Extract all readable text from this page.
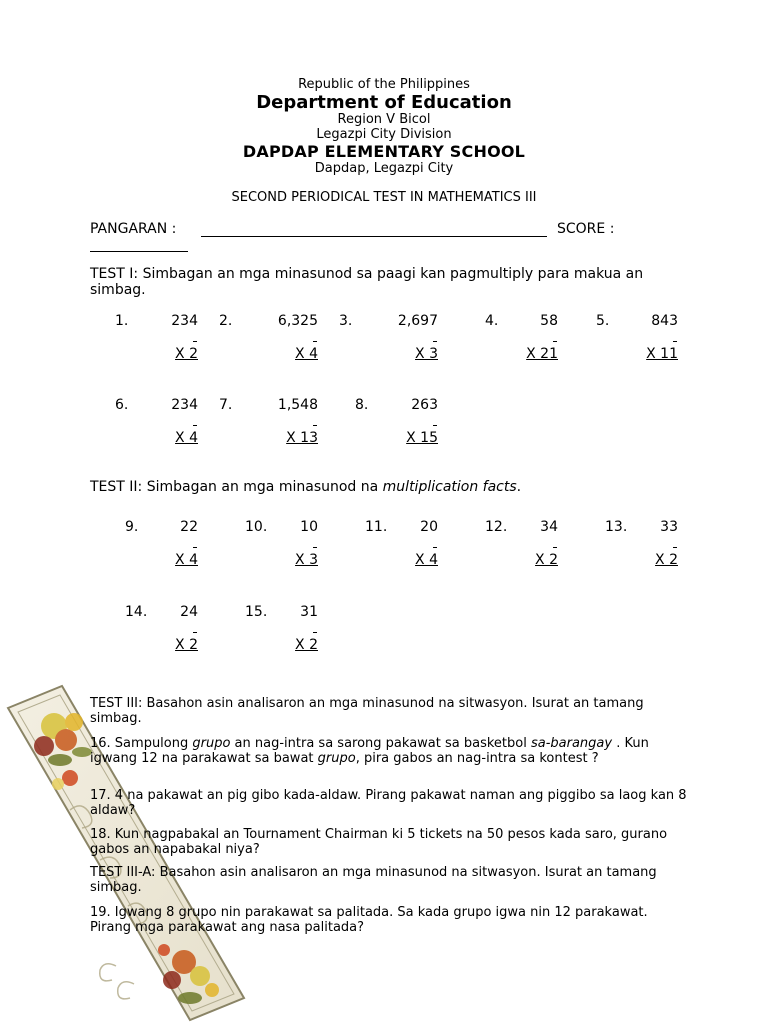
Republic of the Philippines
Department of Education
Region V Bicol
Legazpi City Division
DAPDAP ELEMENTARY SCHOOL
Dapdap, Legazpi City
SECOND PERIODICAL TEST IN MATHEMATICS III
PANGARAN :	SCORE :
TEST I: Simbagan an mga minasunod sa paagi kan pagmultiply para makua an simbag.
1.	234
X 2
2.	6,325
X 4
3.	2,697
X 3
4.	58
X 21
5.	843
X 11
6.	234
X 4
7.	1,548
X 13
8.	263
X 15
TEST II: Simbagan an mga minasunod na multiplication facts.
9.	22
X 4
10.	10
X 3
11.	20
X 4
12.	34
X 2
13.	33
X 2
14.	24
X 2
15.	31
X 2
TEST III: Basahon asin analisaron an mga minasunod na sitwasyon. Isurat an tamang simbag.
16. Sampulong grupo an nag-intra sa sarong pakawat sa basketbol sa-barangay . Kun igwang 12 na parakawat sa bawat grupo, pira gabos an nag-intra sa kontest ?
17. 4 na pakawat an pig gibo kada-aldaw. Pirang pakawat naman ang piggibo sa laog kan 8 aldaw?
18. Kun nagpabakal an Tournament Chairman ki 5 tickets na 50 pesos kada saro, gurano gabos an napabakal niya?
TEST III-A: Basahon asin analisaron an mga minasunod na sitwasyon. Isurat an tamang simbag.
19. Igwang 8 grupo nin parakawat sa palitada. Sa kada grupo igwa nin 12 parakawat. Pirang mga parakawat ang nasa palitada?
